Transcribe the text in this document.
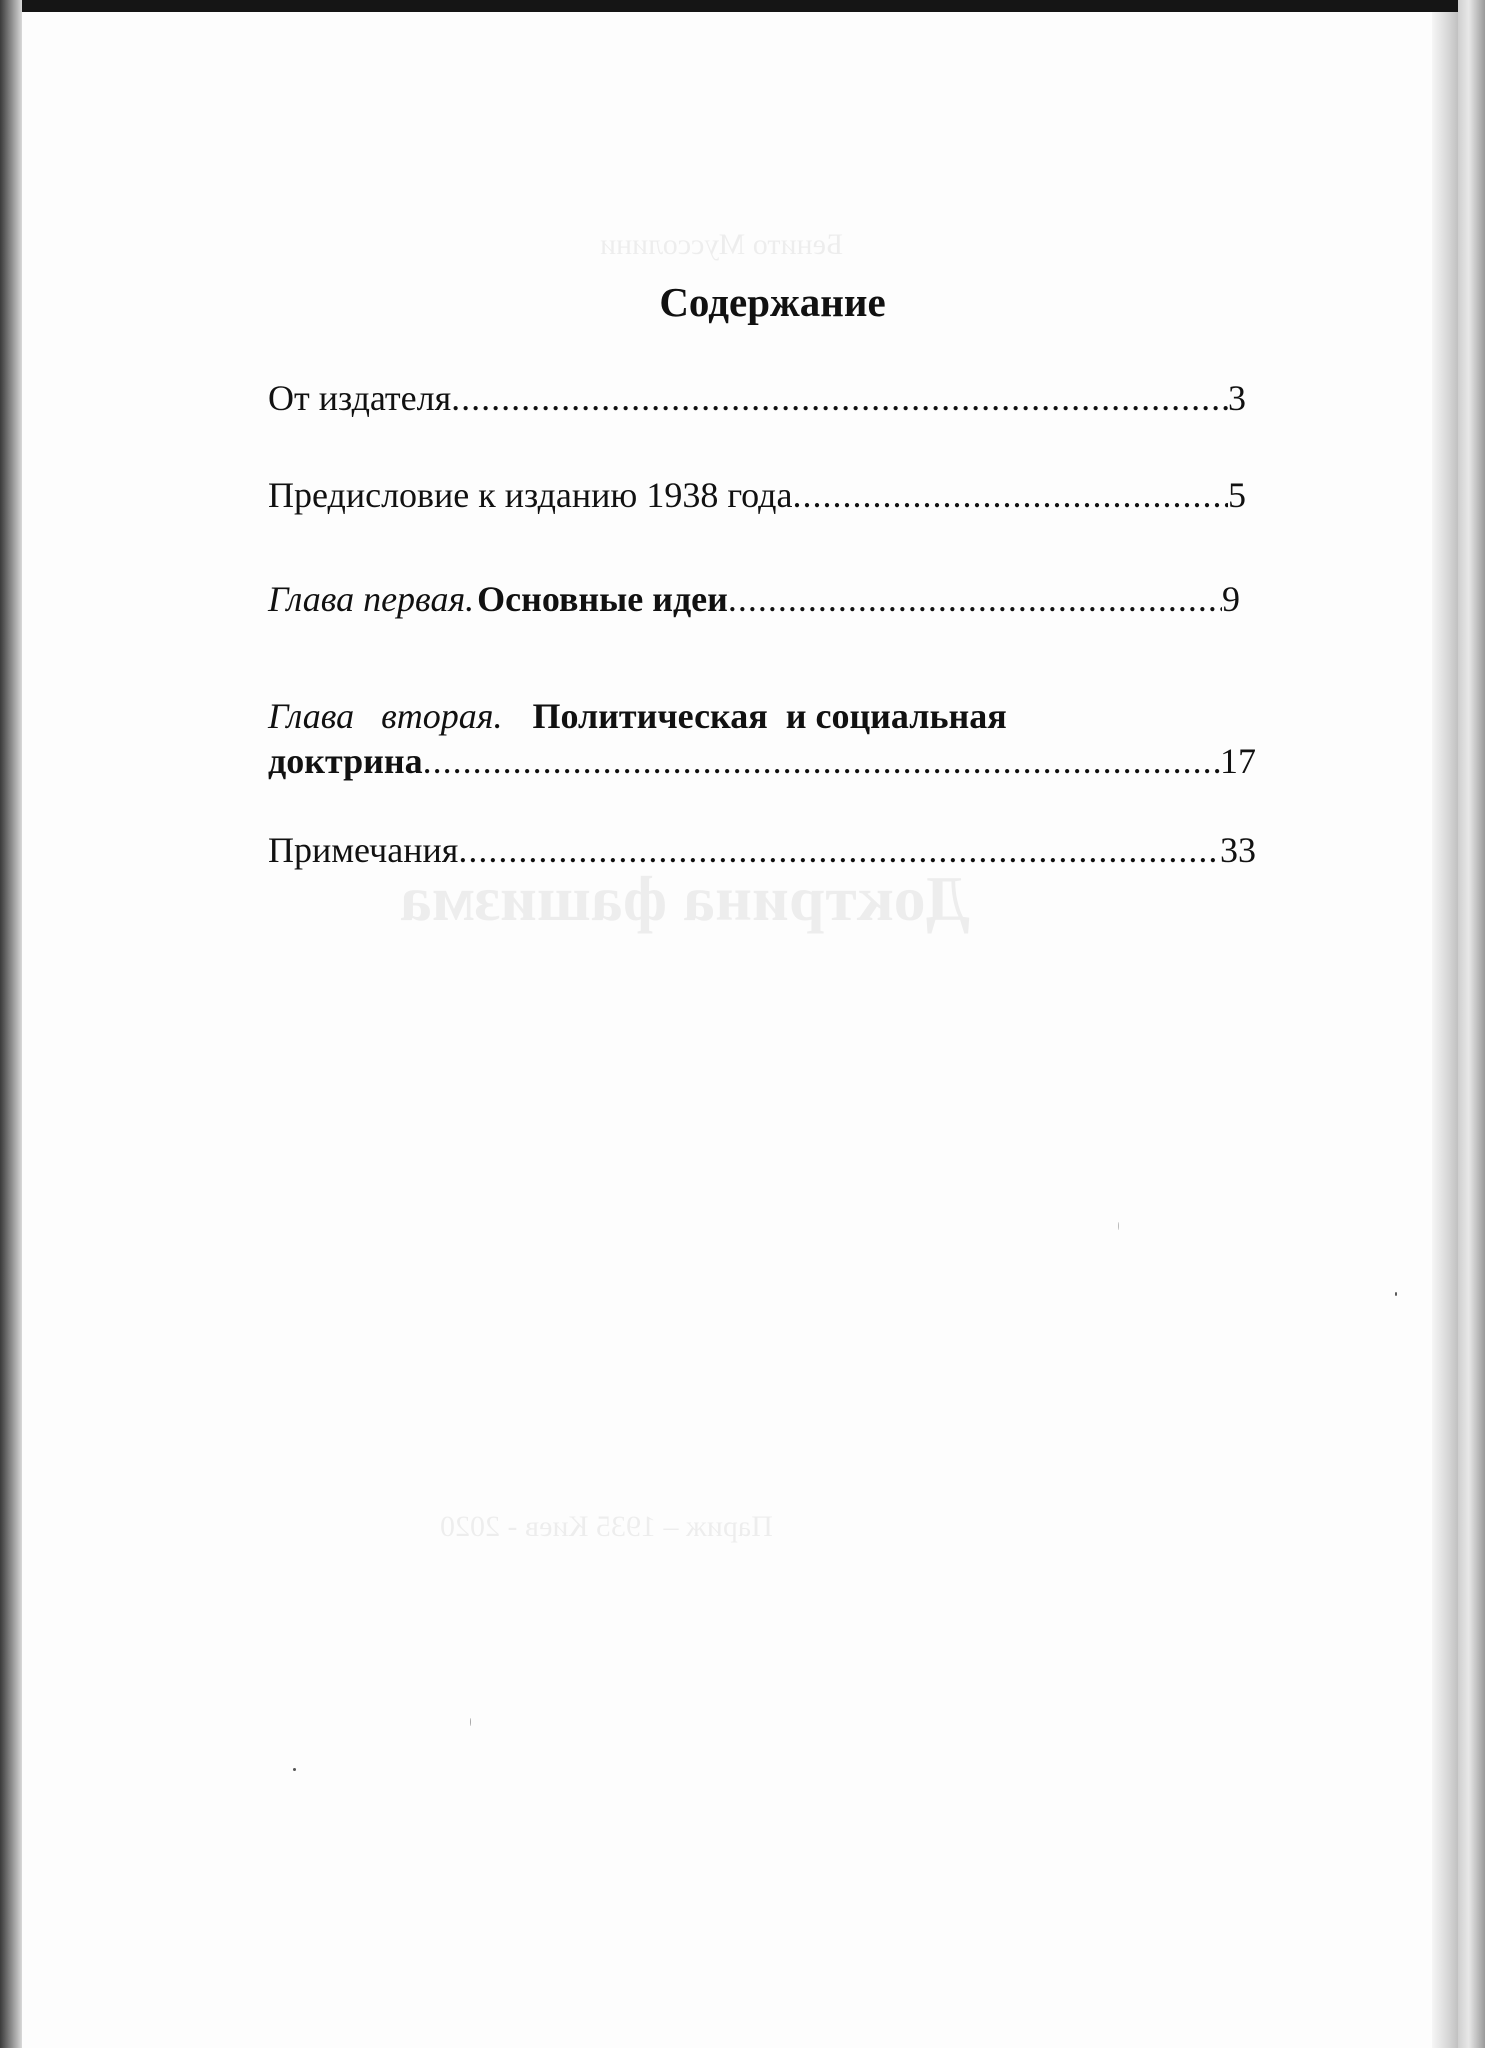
Бенито Муссолини
Доктрина фашизма
Париж – 1935 Киев - 2020
Содержание
От издателя .....	3
Предисловие к изданию 1938 года .....	5
Глава первая. Основные идеи .....	9
Глава   вторая. Политическая  и социальная
доктрина .....	17
Примечания .....	33
